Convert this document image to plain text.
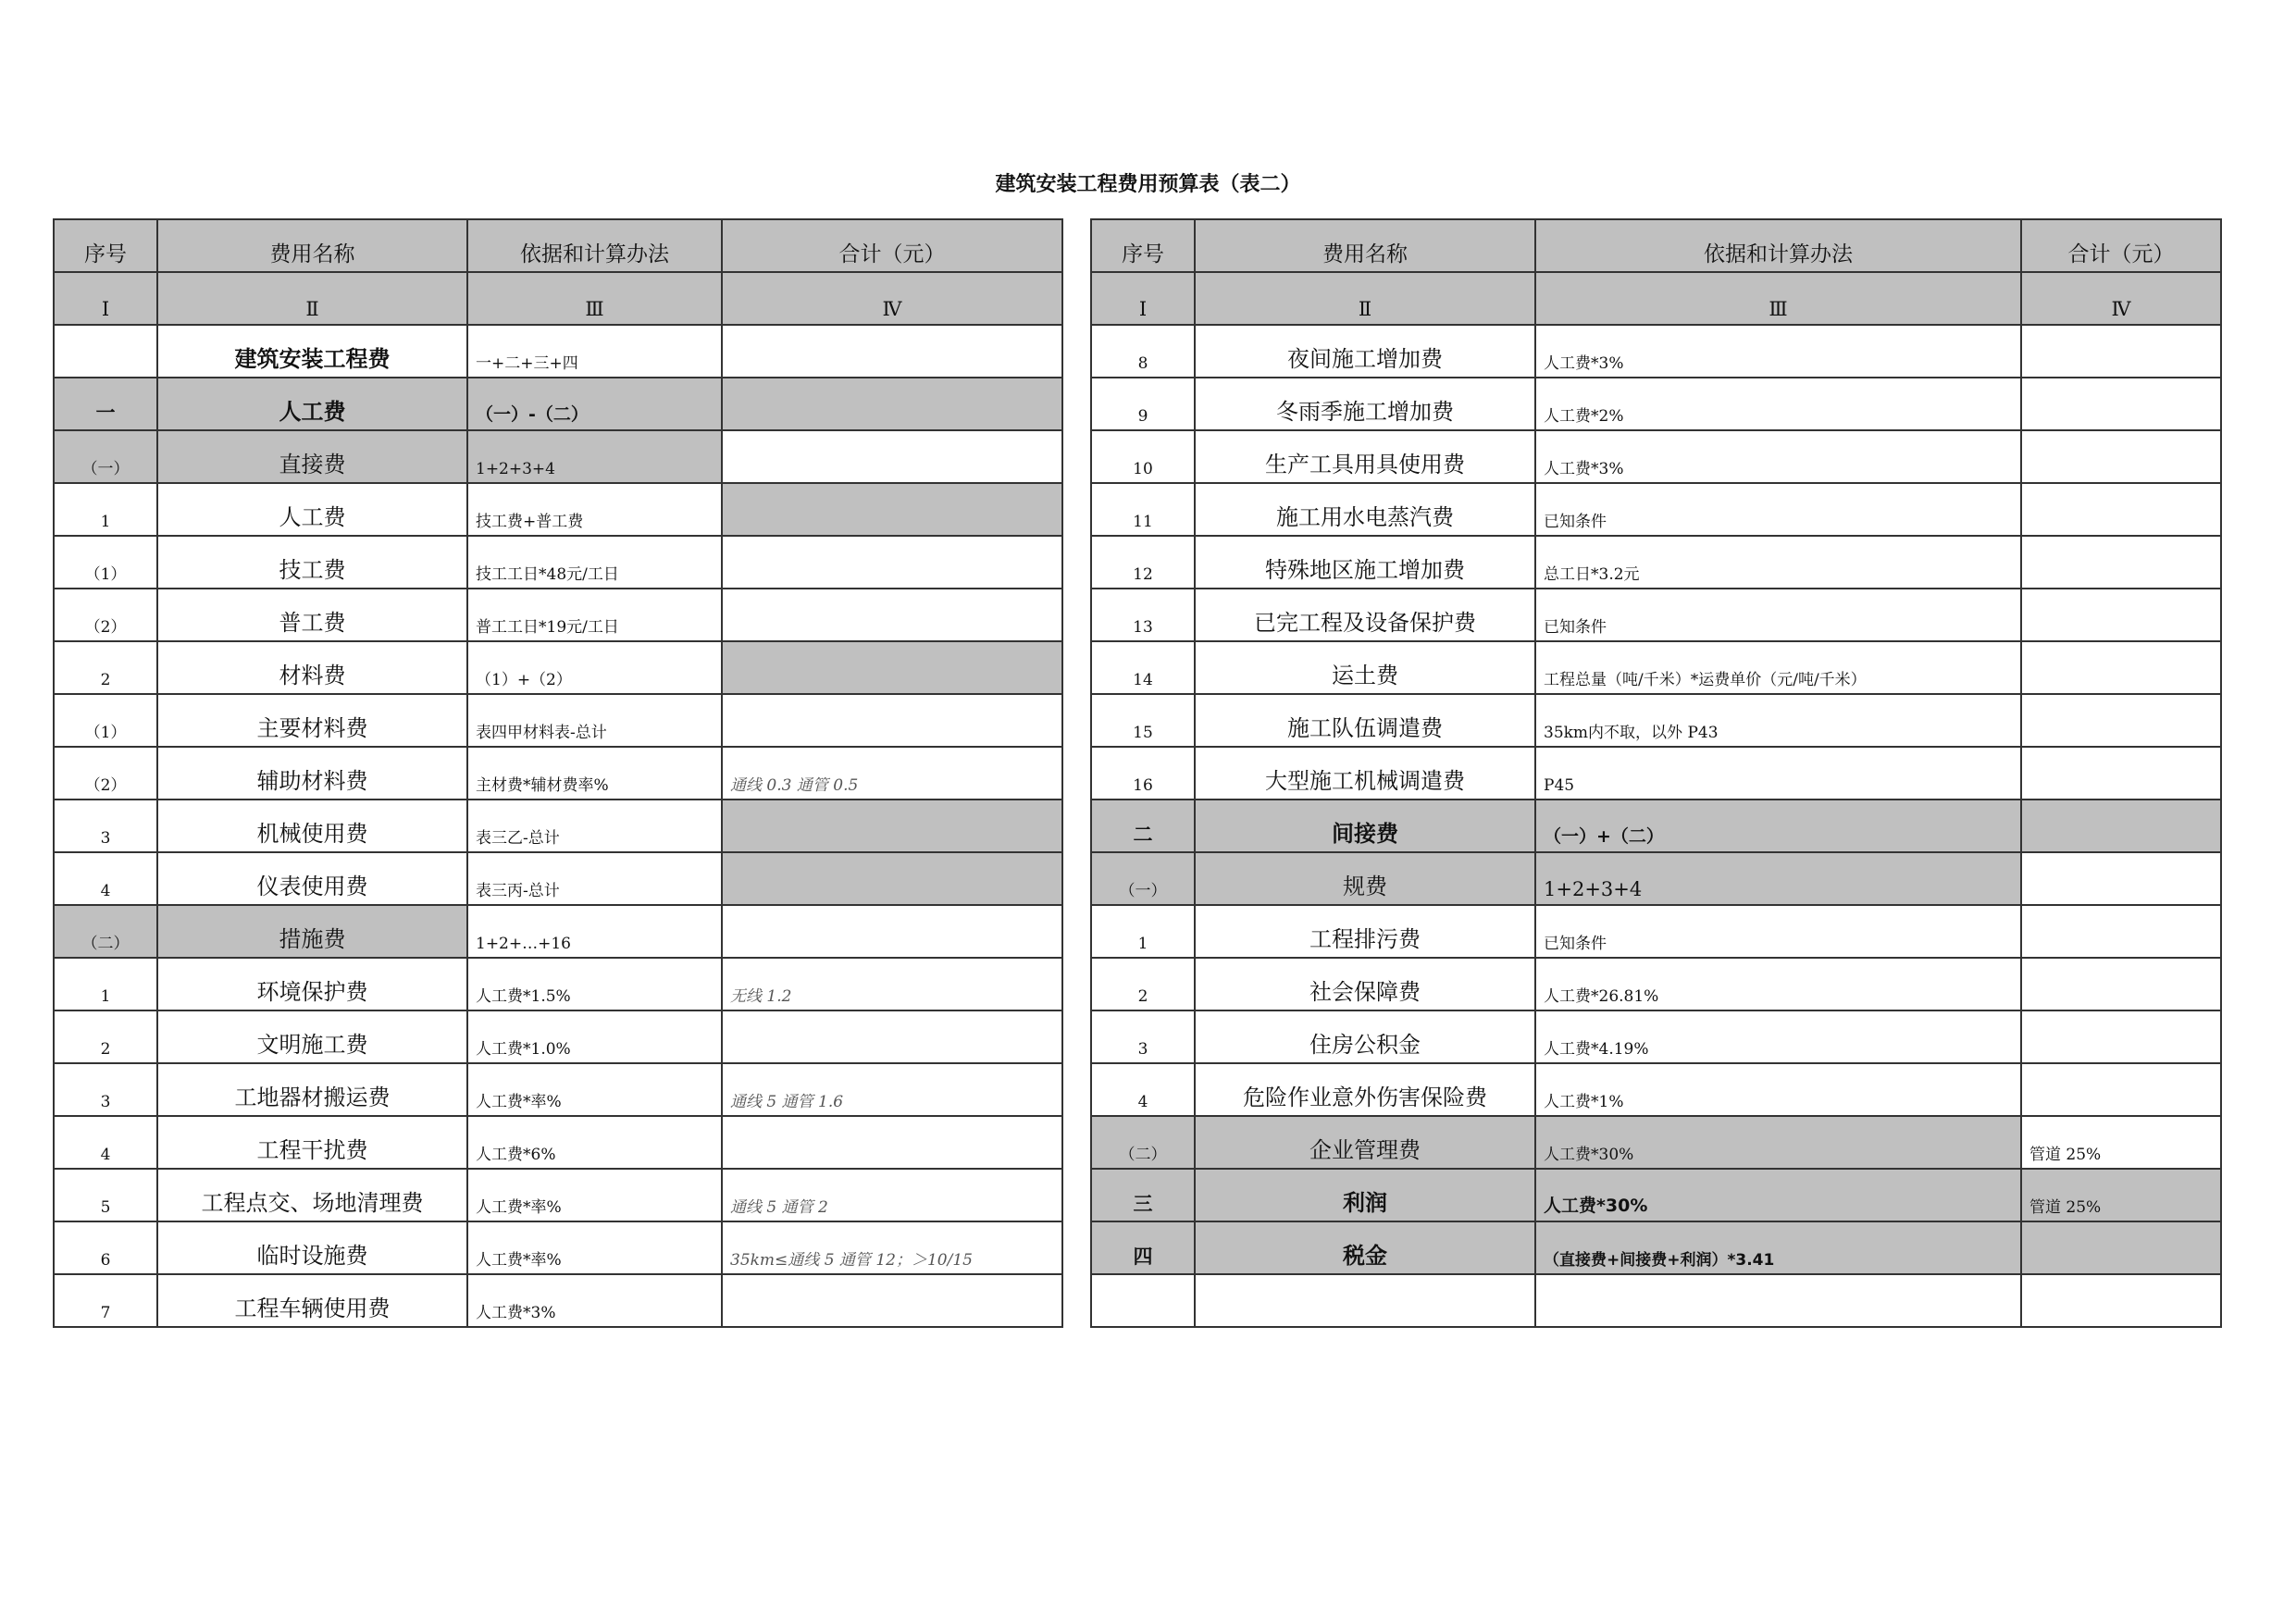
建筑安装工程费用预算表（表二）
序号	费用名称	依据和计算办法	合计（元）
Ⅰ	Ⅱ	Ⅲ	Ⅳ
	建筑安装工程费	一+二+三+四	
一	人工费	（一）-（二）	
（一）	直接费	1+2+3+4	
1	人工费	技工费+普工费	
（1）	技工费	技工工日*48元/工日	
（2）	普工费	普工工日*19元/工日	
2	材料费	（1）+（2）	
（1）	主要材料费	表四甲材料表-总计	
（2）	辅助材料费	主材费*辅材费率%	通线 0.3 通管 0.5
3	机械使用费	表三乙-总计	
4	仪表使用费	表三丙-总计	
（二）	措施费	1+2+…+16	
1	环境保护费	人工费*1.5%	无线 1.2
2	文明施工费	人工费*1.0%	
3	工地器材搬运费	人工费*率%	通线 5 通管 1.6
4	工程干扰费	人工费*6%	
5	工程点交、场地清理费	人工费*率%	通线 5 通管 2
6	临时设施费	人工费*率%	35km≤通线 5 通管 12；＞10/15
7	工程车辆使用费	人工费*3%	
序号	费用名称	依据和计算办法	合计（元）
Ⅰ	Ⅱ	Ⅲ	Ⅳ
8	夜间施工增加费	人工费*3%	
9	冬雨季施工增加费	人工费*2%	
10	生产工具用具使用费	人工费*3%	
11	施工用水电蒸汽费	已知条件	
12	特殊地区施工增加费	总工日*3.2元	
13	已完工程及设备保护费	已知条件	
14	运土费	工程总量（吨/千米）*运费单价（元/吨/千米）	
15	施工队伍调遣费	35km内不取，以外 P43	
16	大型施工机械调遣费	P45	
二	间接费	（一）+（二）	
（一）	规费	1+2+3+4	
1	工程排污费	已知条件	
2	社会保障费	人工费*26.81%	
3	住房公积金	人工费*4.19%	
4	危险作业意外伤害保险费	人工费*1%	
（二）	企业管理费	人工费*30%	管道 25%
三	利润	人工费*30%	管道 25%
四	税金	（直接费+间接费+利润）*3.41	
